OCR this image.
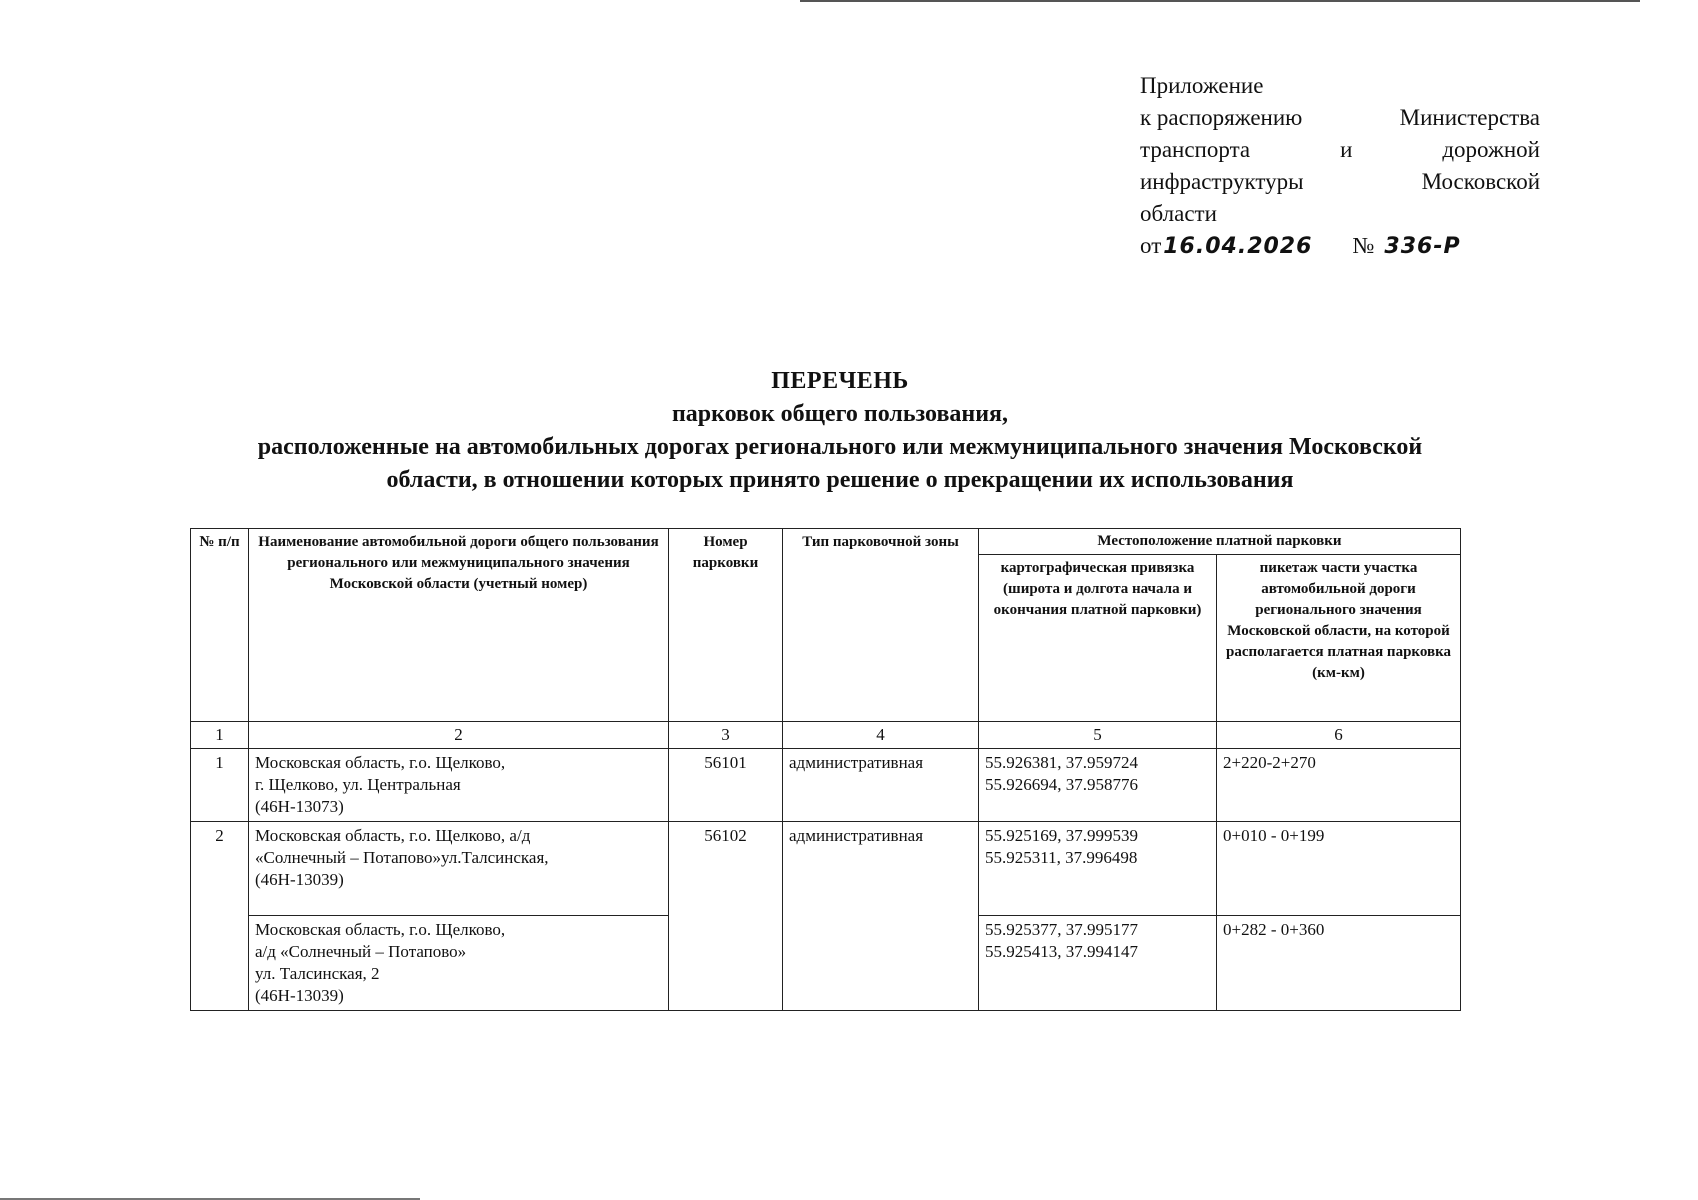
Приложение
к распоряжению	Министерства
транспорта и дорожной
инфраструктуры Московской
области
от 16.04.2026 № 336-Р
ПЕРЕЧЕНЬ
парковок общего пользования,
расположенные на автомобильных дорогах регионального или межмуниципального значения Московской
области, в отношении которых принято решение о прекращении их использования
№ п/п	Наименование автомобильной дороги общего пользования регионального или межмуниципального значения Московской области (учетный номер)	Номер парковки	Тип парковочной зоны	Местоположение платной парковки	
				картографическая привязка (широта и долгота начала и окончания платной парковки)	пикетаж части участка автомобильной дороги регионального значения Московской области, на которой располагается платная парковка (км-км)
1	2	3	4	5	6
1	Московская область, г.о. Щелково,
г. Щелково, ул. Центральная
(46Н-13073)	56101	административная	55.926381, 37.959724
55.926694, 37.958776	2+220-2+270
2	Московская область, г.о. Щелково, а/д
«Солнечный – Потапово»ул.Талсинская,
(46Н-13039)	56102	административная	55.925169, 37.999539
55.925311, 37.996498	0+010 - 0+199

	Московская область, г.о. Щелково,
а/д «Солнечный – Потапово»
ул. Талсинская, 2
(46Н-13039)			55.925377, 37.995177
55.925413, 37.994147	0+282 - 0+360
